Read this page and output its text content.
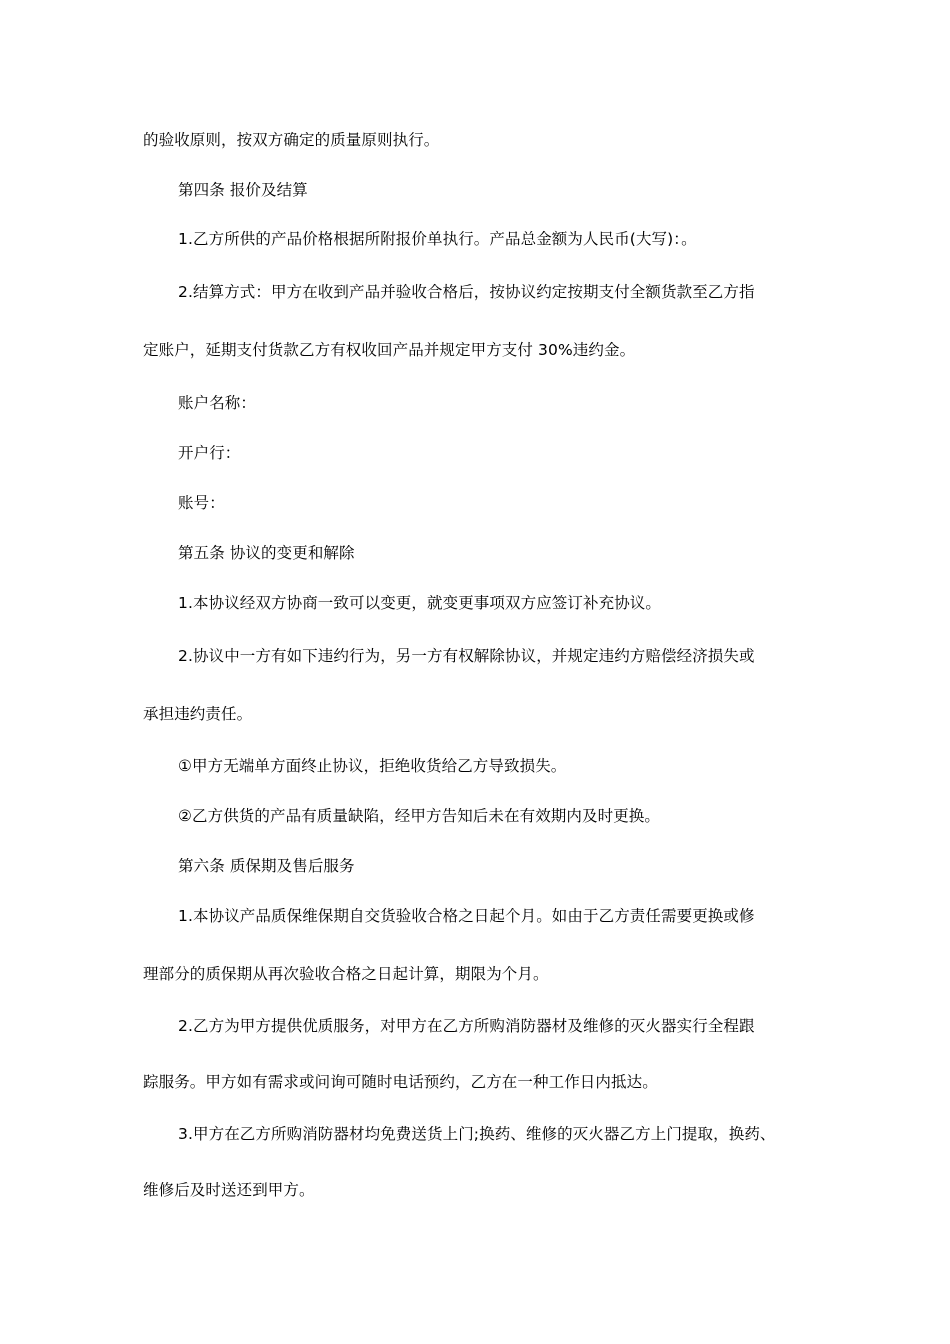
的验收原则，按双方确定的质量原则执行。
第四条 报价及结算
1.乙方所供的产品价格根据所附报价单执行。产品总金额为人民币(大写)：。
2.结算方式：甲方在收到产品并验收合格后，按协议约定按期支付全额货款至乙方指
定账户，延期支付货款乙方有权收回产品并规定甲方支付 30%违约金。
账户名称：
开户行：
账号：
第五条 协议的变更和解除
1.本协议经双方协商一致可以变更，就变更事项双方应签订补充协议。
2.协议中一方有如下违约行为，另一方有权解除协议，并规定违约方赔偿经济损失或
承担违约责任。
①甲方无端单方面终止协议，拒绝收货给乙方导致损失。
②乙方供货的产品有质量缺陷，经甲方告知后未在有效期内及时更换。
第六条 质保期及售后服务
1.本协议产品质保维保期自交货验收合格之日起个月。如由于乙方责任需要更换或修
理部分的质保期从再次验收合格之日起计算，期限为个月。
2.乙方为甲方提供优质服务，对甲方在乙方所购消防器材及维修的灭火器实行全程跟
踪服务。甲方如有需求或问询可随时电话预约，乙方在一种工作日内抵达。
3.甲方在乙方所购消防器材均免费送货上门;换药、维修的灭火器乙方上门提取，换药、
维修后及时送还到甲方。
